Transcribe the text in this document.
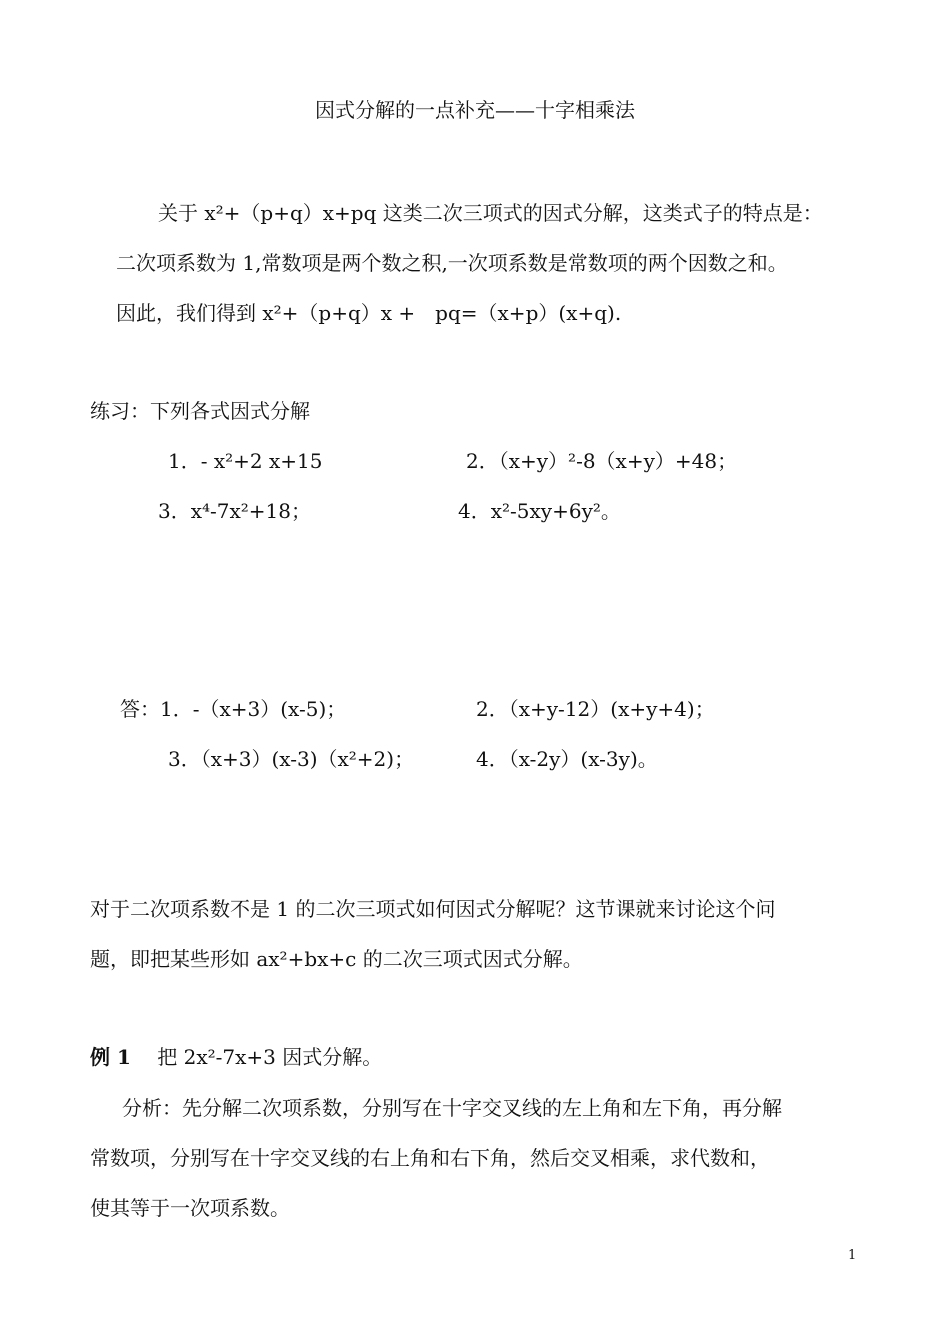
因式分解的一点补充——十字相乘法
关于 x²+（p+q）x+pq 这类二次三项式的因式分解，这类式子的特点是：
二次项系数为 1,常数项是两个数之积,一次项系数是常数项的两个因数之和。
因此，我们得到 x²+（p+q）x +　pq=（x+p）(x+q).
练习：下列各式因式分解
1．- x²+2 x+15	2．（x+y）²-8（x+y）+48；
3．x⁴-7x²+18；	4．x²-5xy+6y²。
答：1．-（x+3）(x-5)；	2．（x+y-12）(x+y+4)；
3．（x+3）(x-3)（x²+2)；	4．（x-2y）(x-3y)。
对于二次项系数不是 1 的二次三项式如何因式分解呢？这节课就来讨论这个问
题，即把某些形如 ax²+bx+c 的二次三项式因式分解。
例 1　 把 2x²-7x+3 因式分解。
分析：先分解二次项系数，分别写在十字交叉线的左上角和左下角，再分解
常数项，分别写在十字交叉线的右上角和右下角，然后交叉相乘，求代数和，
使其等于一次项系数。
1
